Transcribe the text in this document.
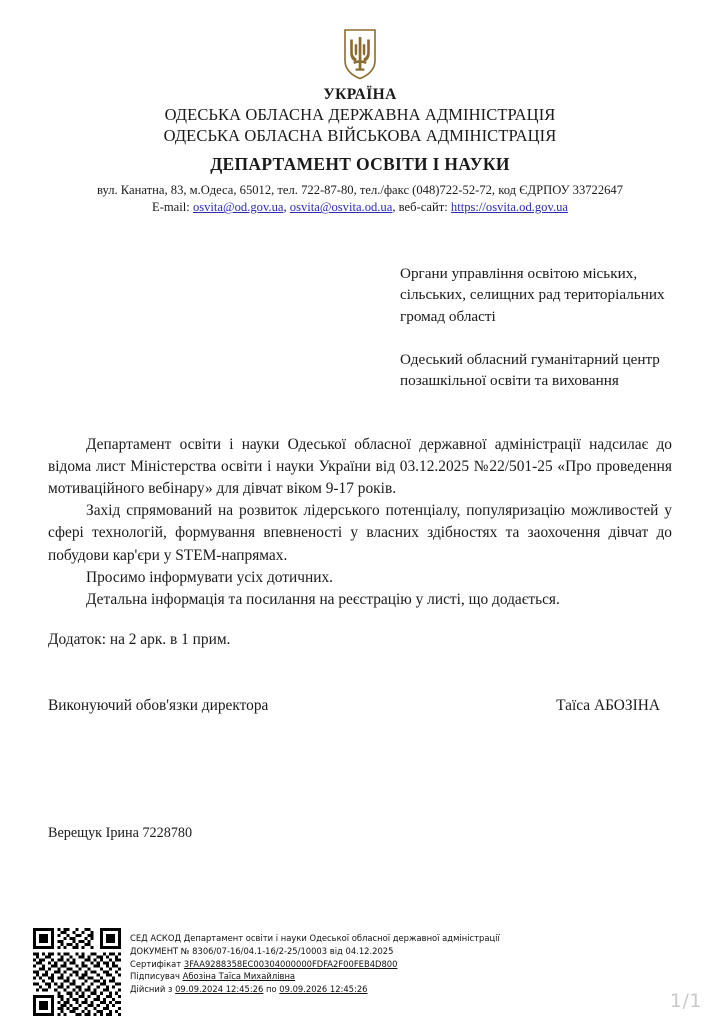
УКРАЇНА
ОДЕСЬКА ОБЛАСНА ДЕРЖАВНА АДМІНІСТРАЦІЯ
ОДЕСЬКА ОБЛАСНА ВІЙСЬКОВА АДМІНІСТРАЦІЯ
ДЕПАРТАМЕНТ ОСВІТИ І НАУКИ
вул. Канатна, 83, м.Одеса, 65012, тел. 722-87-80, тел./факс (048)722-52-72, код ЄДРПОУ 33722647
E-mail: osvita@od.gov.ua, osvita@osvita.od.ua, веб-сайт: https://osvita.od.gov.ua
Органи управління освітою міських, сільських, селищних рад територіальних громад області
Одеський обласний гуманітарний центр позашкільної освіти та виховання
Департамент освіти і науки Одеської обласної державної адміністрації надсилає до відома лист Міністерства освіти і науки України від 03.12.2025 №22/501-25 «Про проведення мотиваційного вебінару» для дівчат віком 9-17 років.
Захід спрямований на розвиток лідерського потенціалу, популяризацію можливостей у сфері технологій, формування впевненості у власних здібностях та заохочення дівчат до побудови кар'єри у STEM-напрямах.
Просимо інформувати усіх дотичних.
Детальна інформація та посилання на реєстрацію у листі, що додається.
Додаток: на 2 арк. в 1 прим.
Виконуючий обов'язки директора	Таїса АБОЗІНА
Верещук Ірина 7228780
СЕД АСКОД Департамент освіти і науки Одеської обласної державної адміністрації
ДОКУМЕНТ № 8306/07-16/04.1-16/2-25/10003 від 04.12.2025
Сертифікат 3FAA9288358EC00304000000FDFA2F00FEB4D800
Підписувач Абозіна Таїса Михайлівна
Дійсний з 09.09.2024 12:45:26 по 09.09.2026 12:45:26
1/1
